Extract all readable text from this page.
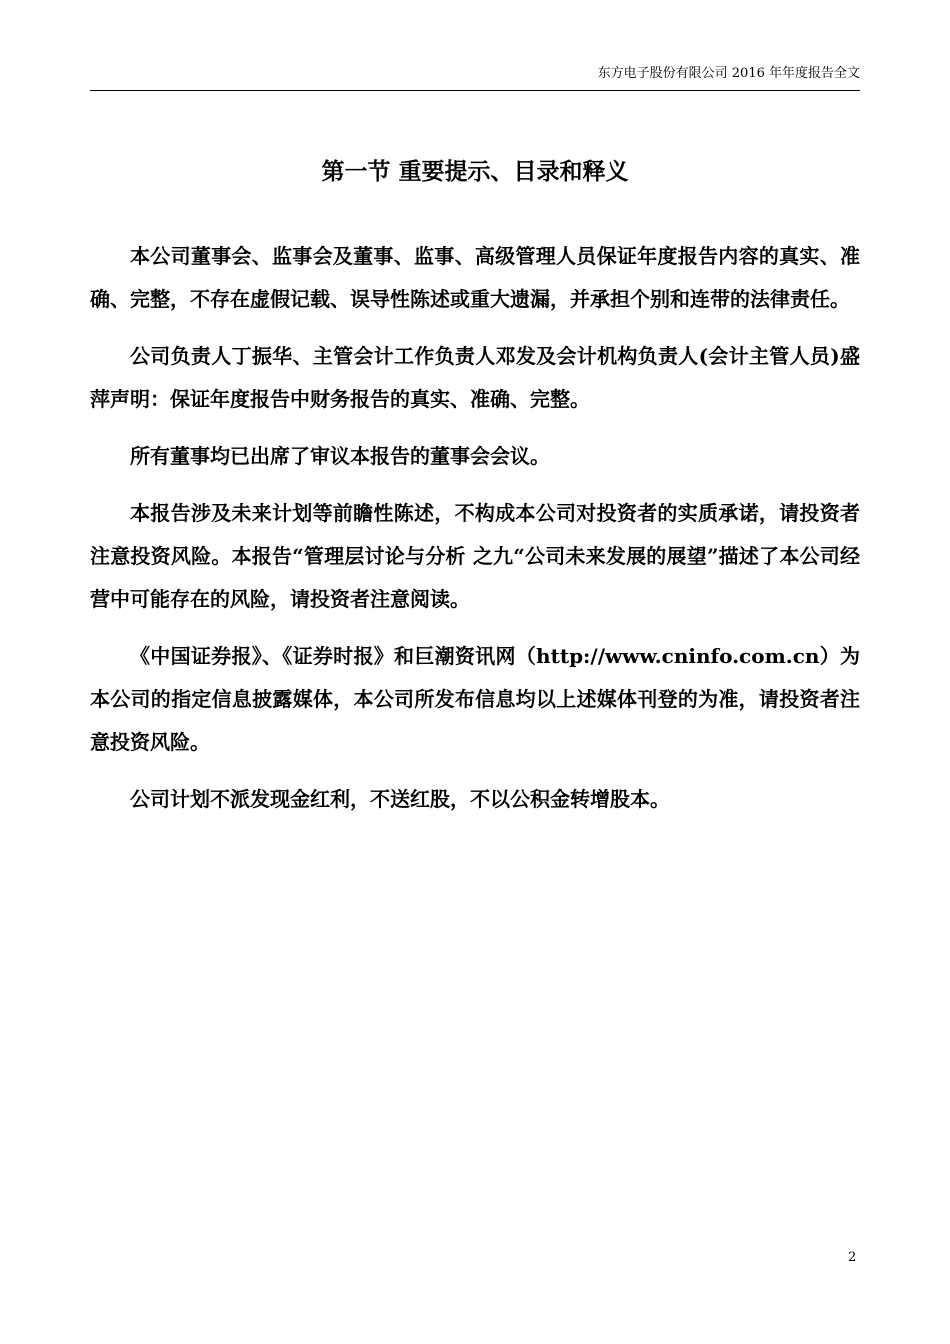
东方电子股份有限公司 2016 年年度报告全文
第一节 重要提示、目录和释义

本公司董事会、监事会及董事、监事、高级管理人员保证年度报告内容的真实、准确、完整，不存在虚假记载、误导性陈述或重大遗漏，并承担个别和连带的法律责任。

公司负责人丁振华、主管会计工作负责人邓发及会计机构负责人(会计主管人员)盛萍声明：保证年度报告中财务报告的真实、准确、完整。

所有董事均已出席了审议本报告的董事会会议。

本报告涉及未来计划等前瞻性陈述，不构成本公司对投资者的实质承诺，请投资者注意投资风险。本报告“管理层讨论与分析 之九“公司未来发展的展望”描述了本公司经营中可能存在的风险，请投资者注意阅读。

《中国证券报》、《证券时报》和巨潮资讯网（http://www.cninfo.com.cn）为本公司的指定信息披露媒体，本公司所发布信息均以上述媒体刊登的为准，请投资者注意投资风险。

公司计划不派发现金红利，不送红股，不以公积金转增股本。

2
